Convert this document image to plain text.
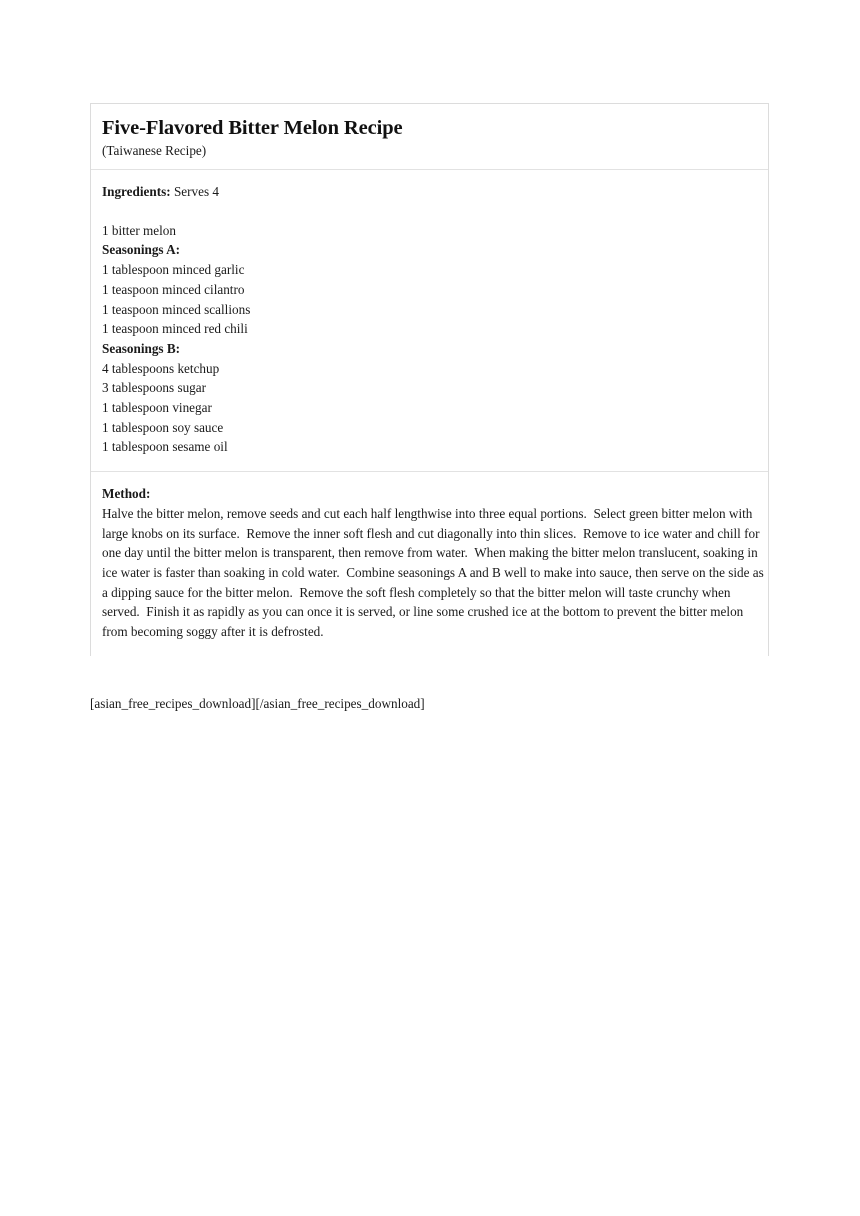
Five-Flavored Bitter Melon Recipe
(Taiwanese Recipe)
Ingredients: Serves 4
1 bitter melon
Seasonings A:
1 tablespoon minced garlic
1 teaspoon minced cilantro
1 teaspoon minced scallions
1 teaspoon minced red chili
Seasonings B:
4 tablespoons ketchup
3 tablespoons sugar
1 tablespoon vinegar
1 tablespoon soy sauce
1 tablespoon sesame oil
Method:

Halve the bitter melon, remove seeds and cut each half lengthwise into three equal portions.  Select green bitter melon with large knobs on its surface.  Remove the inner soft flesh and cut diagonally into thin slices.  Remove to ice water and chill for one day until the bitter melon is transparent, then remove from water.  When making the bitter melon translucent, soaking in ice water is faster than soaking in cold water.  Combine seasonings A and B well to make into sauce, then serve on the side as a dipping sauce for the bitter melon.  Remove the soft flesh completely so that the bitter melon will taste crunchy when served.  Finish it as rapidly as you can once it is served, or line some crushed ice at the bottom to prevent the bitter melon from becoming soggy after it is defrosted.

[asian_free_recipes_download][/asian_free_recipes_download]
